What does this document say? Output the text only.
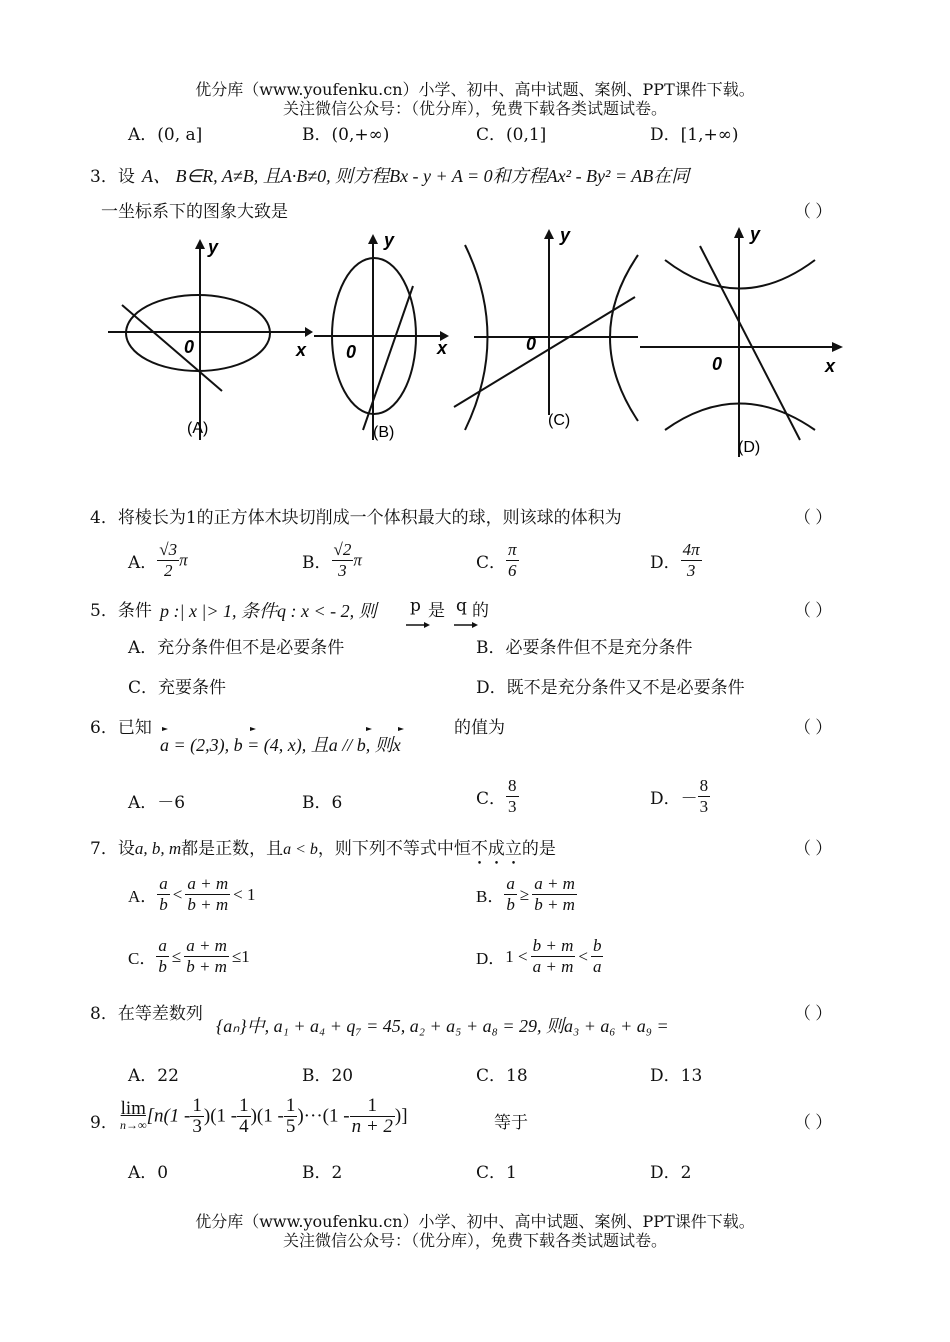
优分库（www.youfenku.cn）小学、初中、高中试题、案例、PPT课件下载。
关注微信公众号：（优分库），免费下载各类试题试卷。
A．(0, a]	B．(0,+∞)	C．(0,1]	D．[1,+∞)
3．设 A、 B∈R, A≠B, 且A·B≠0, 则方程Bx - y + A = 0和方程Ax² - By² = AB在同
一坐标系下的图象大致是	（ ）
y
x
0
(A)
y
x
0
(B)
y
0
(C)
y
x
0
(D)
4．将棱长为1的正方体木块切削成一个体积最大的球，则该球的体积为	（ ）
A． $\frac{√3}{2}$ π	B． $\frac{√2}{3}$ π	C． $\frac{\pi}{6}$	D． $\frac{4\pi}{3}$
5．条件 p :| x |> 1, 条件q : x < - 2, 则 p 是 q 的	（ ）
A．充分条件但不是必要条件	B．必要条件但不是充分条件
C．充要条件	D．既不是充分条件又不是必要条件
6．已知
a = (2,3), b = (4, x), 且a // b, 则x
的值为	（ ）
A．－6	B．6	C． $\frac{8}{3}$	D．－ $\frac{8}{3}$
7．设a, b, m都是正数，且a < b，则下列不等式中恒不成立的是	（ ）
A． $\frac{a}{b} < \frac{a + m}{b + m} < 1$	B． $\frac{a}{b} \ge \frac{a + m}{b + m}$
C． $\frac{a}{b} \le \frac{a + m}{b + m} \le 1$	D．$1 < \frac{b + m}{a + m} < \frac{b}{a}$
8．在等差数列
{aₙ}中, a₁ + a₄ + q₇ = 45, a₂ + a₅ + a₈ = 29, 则a₃ + a₆ + a₉ =
（ ）
A．22	B．20	C．18	D．13
9．
lim
n→∞ [$n(1 - \frac{1}{3} )(1 - \frac{1}{4} )(1 - \frac{1}{5} )\cdot\cdot\cdot(1 - \frac{1}{n + 2}$ )]	等于	（ ）
A．0	B．2	C．1	D．2
优分库（www.youfenku.cn）小学、初中、高中试题、案例、PPT课件下载。
关注微信公众号：（优分库），免费下载各类试题试卷。
